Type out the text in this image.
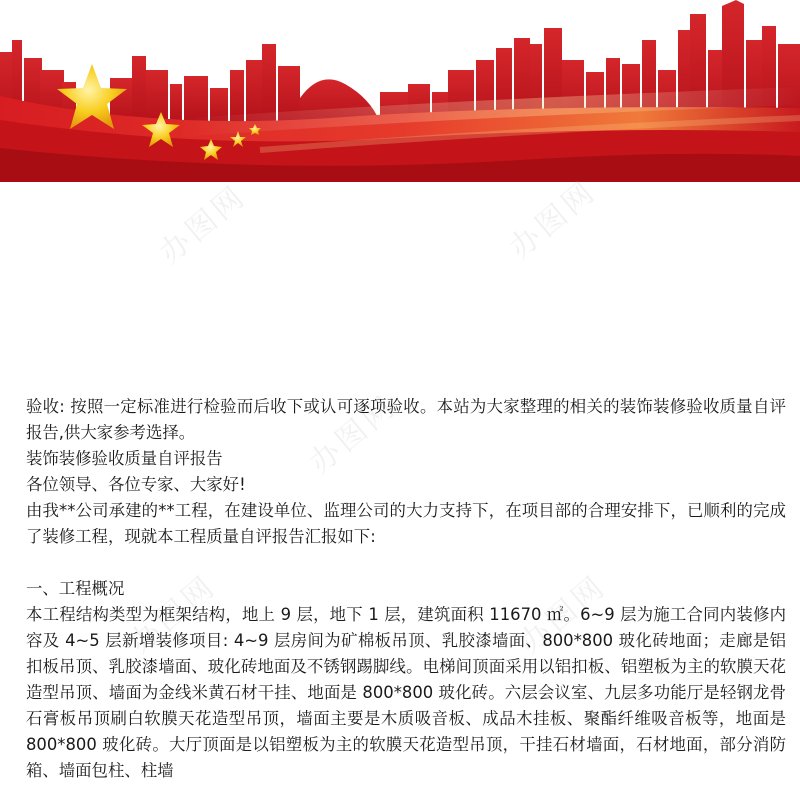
办图网	办图网
办图网
办图网	办图网

验收: 按照一定标准进行检验而后收下或认可逐项验收。本站为大家整理的相关的装饰装修验收质量自评报告,供大家参考选择。

装饰装修验收质量自评报告

各位领导、各位专家、大家好!

由我**公司承建的**工程，在建设单位、监理公司的大力支持下，在项目部的合理安排下，已顺利的完成了装修工程，现就本工程质量自评报告汇报如下:

一、工程概况

本工程结构类型为框架结构，地上 9 层，地下 1 层，建筑面积 11670 ㎡。6~9 层为施工合同内装修内容及 4~5 层新增装修项目: 4~9 层房间为矿棉板吊顶、乳胶漆墙面、800*800 玻化砖地面；走廊是铝扣板吊顶、乳胶漆墙面、玻化砖地面及不锈钢踢脚线。电梯间顶面采用以铝扣板、铝塑板为主的软膜天花造型吊顶、墙面为金线米黄石材干挂、地面是 800*800 玻化砖。六层会议室、九层多功能厅是轻钢龙骨石膏板吊顶刷白软膜天花造型吊顶，墙面主要是木质吸音板、成品木挂板、聚酯纤维吸音板等，地面是 800*800 玻化砖。大厅顶面是以铝塑板为主的软膜天花造型吊顶，干挂石材墙面，石材地面，部分消防箱、墙面包柱、柱墙
